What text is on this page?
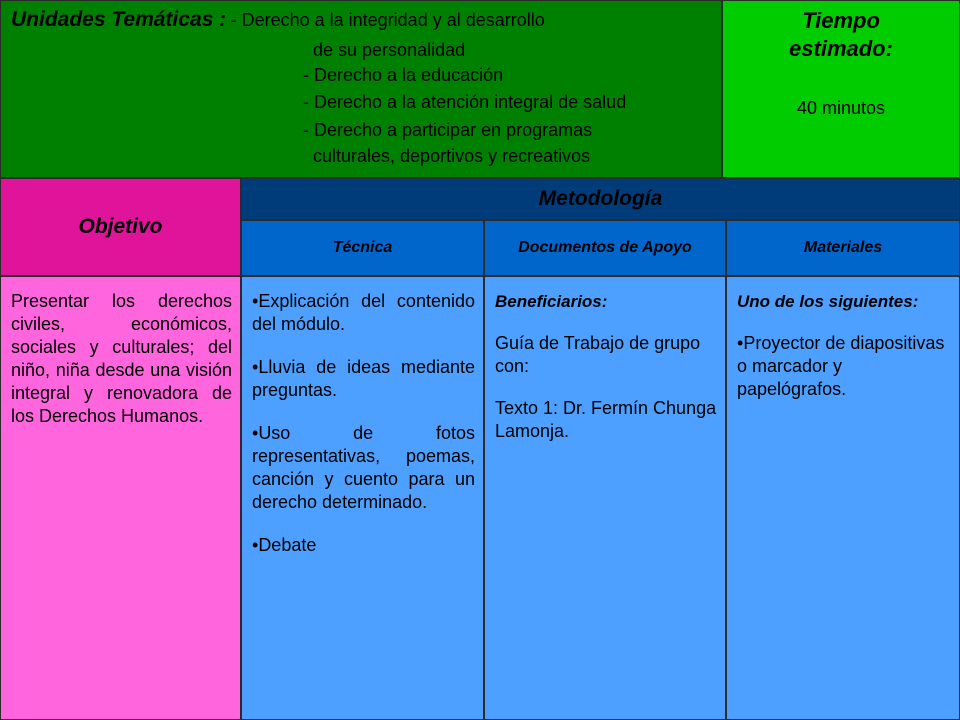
Unidades Temáticas : - Derecho a la integridad y al desarrollo
de su personalidad
- Derecho a la educación
- Derecho a la atención integral de salud
- Derecho a participar en programas
culturales, deportivos y recreativos
Tiempo estimado:
40 minutos
Objetivo
Metodología
Técnica	Documentos de Apoyo	Materiales

Presentar los derechos civiles, económicos, sociales y culturales; del niño, niña desde una visión integral y renovadora de los Derechos Humanos.

• Explicación del contenido del módulo.

• Lluvia de ideas mediante preguntas.

• Uso de fotos representativas, poemas, canción y cuento para un derecho determinado.

• Debate

Beneficiarios:

Guía de Trabajo de grupo con:

Texto 1: Dr. Fermín Chunga Lamonja.

Uno de los siguientes:

• Proyector de diapositivas o marcador y papelógrafos.
